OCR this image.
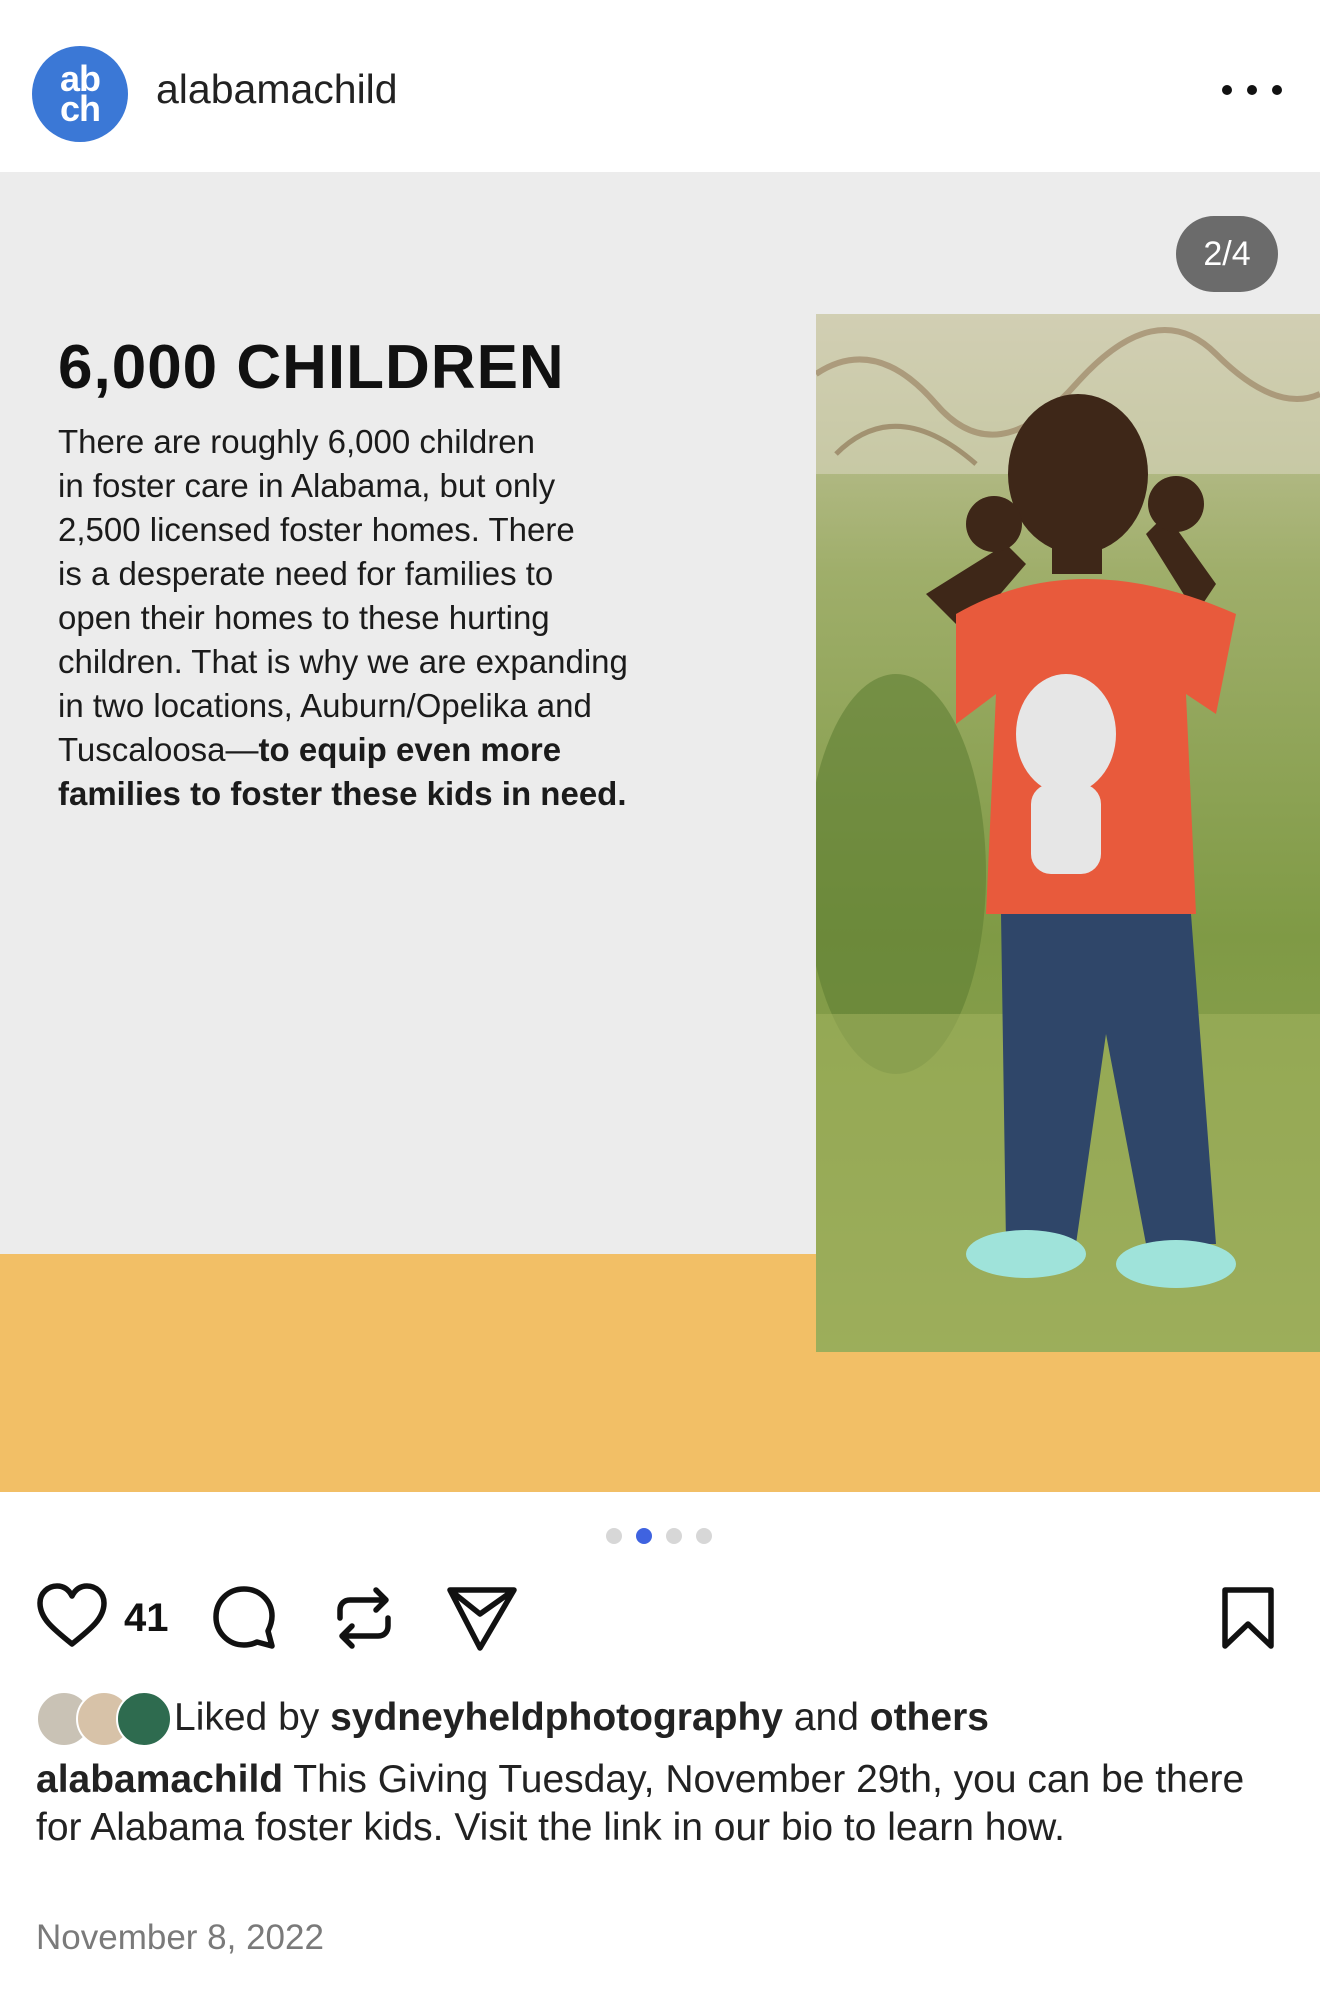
ab
ch alabamachild
2/4
6,000 CHILDREN
There are roughly 6,000 children
in foster care in Alabama, but only
2,500 licensed foster homes. There
is a desperate need for families to
open their homes to these hurting
children. That is why we are expanding
in two locations, Auburn/Opelika and
Tuscaloosa—to equip even more
families to foster these kids in need.
41
Liked by sydneyheldphotography and others
alabamachild This Giving Tuesday, November 29th, you can be there for Alabama foster kids. Visit the link in our bio to learn how.
November 8, 2022
